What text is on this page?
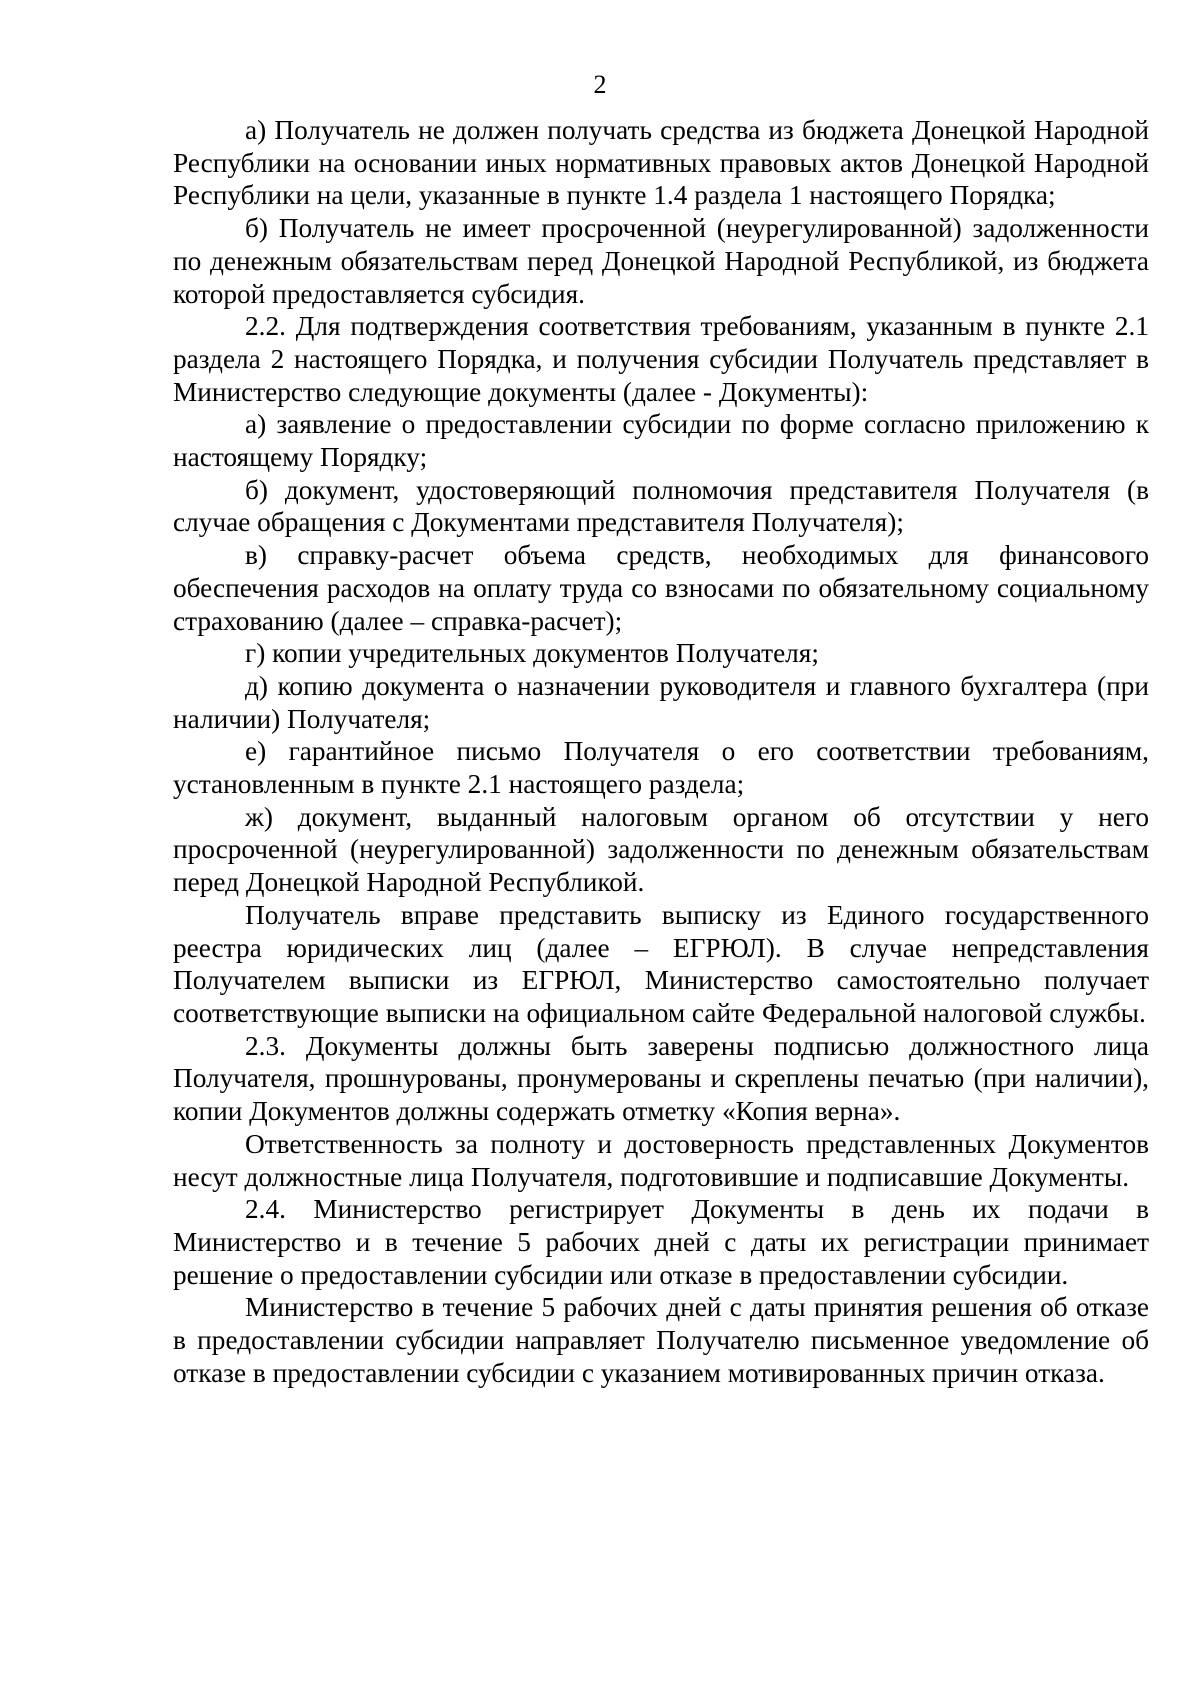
2

а) Получатель не должен получать средства из бюджета Донецкой Народной Республики на основании иных нормативных правовых актов Донецкой Народной Республики на цели, указанные в пункте 1.4 раздела 1 настоящего Порядка;

б) Получатель не имеет просроченной (неурегулированной) задолженности по денежным обязательствам перед Донецкой Народной Республикой, из бюджета которой предоставляется субсидия.

2.2. Для подтверждения соответствия требованиям, указанным в пункте 2.1 раздела 2 настоящего Порядка, и получения субсидии Получатель представляет в Министерство следующие документы (далее - Документы):

а) заявление о предоставлении субсидии по форме согласно приложению к настоящему Порядку;

б) документ, удостоверяющий полномочия представителя Получателя (в случае обращения с Документами представителя Получателя);

в) справку-расчет объема средств, необходимых для финансового обеспечения расходов на оплату труда со взносами по обязательному социальному страхованию (далее – справка-расчет);

г) копии учредительных документов Получателя;

д) копию документа о назначении руководителя и главного бухгалтера (при наличии) Получателя;

е) гарантийное письмо Получателя о его соответствии требованиям, установленным в пункте 2.1 настоящего раздела;

ж) документ, выданный налоговым органом об отсутствии у него просроченной (неурегулированной) задолженности по денежным обязательствам перед Донецкой Народной Республикой.

Получатель вправе представить выписку из Единого государственного реестра юридических лиц (далее – ЕГРЮЛ). В случае непредставления Получателем выписки из ЕГРЮЛ, Министерство самостоятельно получает соответствующие выписки на официальном сайте Федеральной налоговой службы.

2.3. Документы должны быть заверены подписью должностного лица Получателя, прошнурованы, пронумерованы и скреплены печатью (при наличии), копии Документов должны содержать отметку «Копия верна».

Ответственность за полноту и достоверность представленных Документов несут должностные лица Получателя, подготовившие и подписавшие Документы.

2.4. Министерство регистрирует Документы в день их подачи в Министерство и в течение 5 рабочих дней с даты их регистрации принимает решение о предоставлении субсидии или отказе в предоставлении субсидии.

Министерство в течение 5 рабочих дней с даты принятия решения об отказе в предоставлении субсидии направляет Получателю письменное уведомление об отказе в предоставлении субсидии с указанием мотивированных причин отказа.
